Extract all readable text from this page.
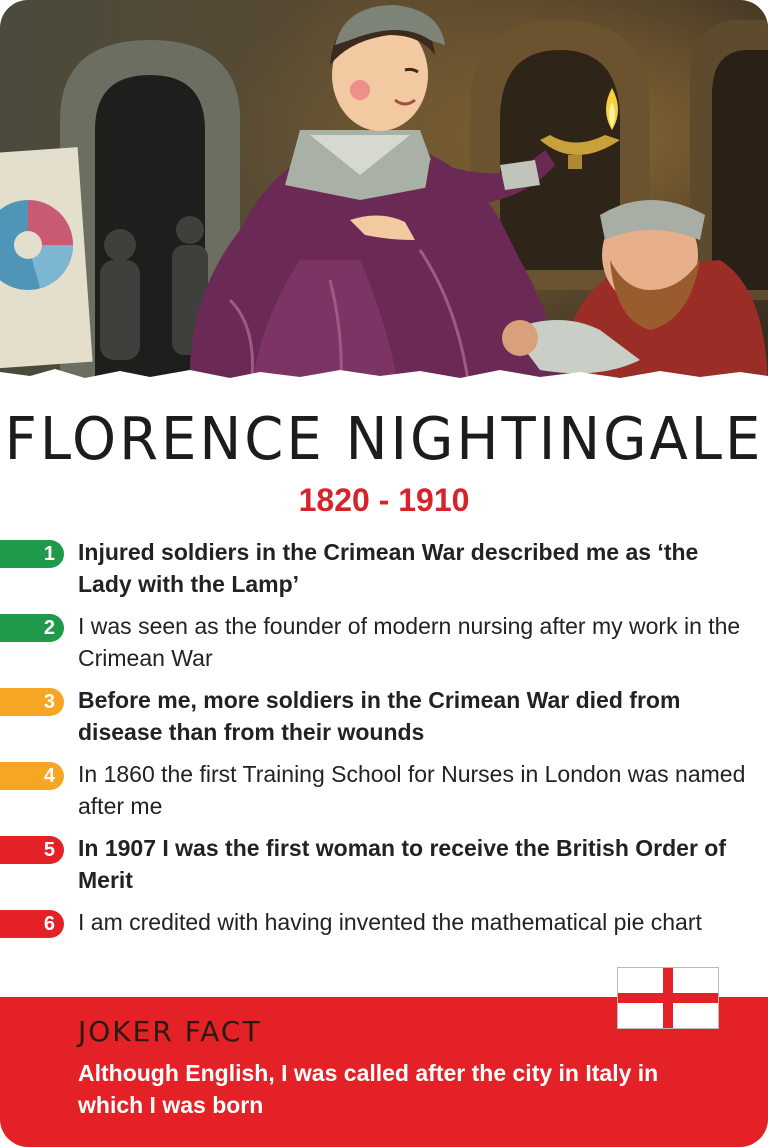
FLORENCE NIGHTINGALE
1820 - 1910
1	Injured soldiers in the Crimean War described me as ‘the Lady with the Lamp’
2	I was seen as the founder of modern nursing after my work in the Crimean War
3	Before me, more soldiers in the Crimean War died from disease than from their wounds
4	In 1860 the first Training School for Nurses in London was named after me
5	In 1907 I was the first woman to receive the British Order of Merit
6	I am credited with having invented the mathematical pie chart
JOKER FACT
Although English, I was called after the city in Italy in which I was born
